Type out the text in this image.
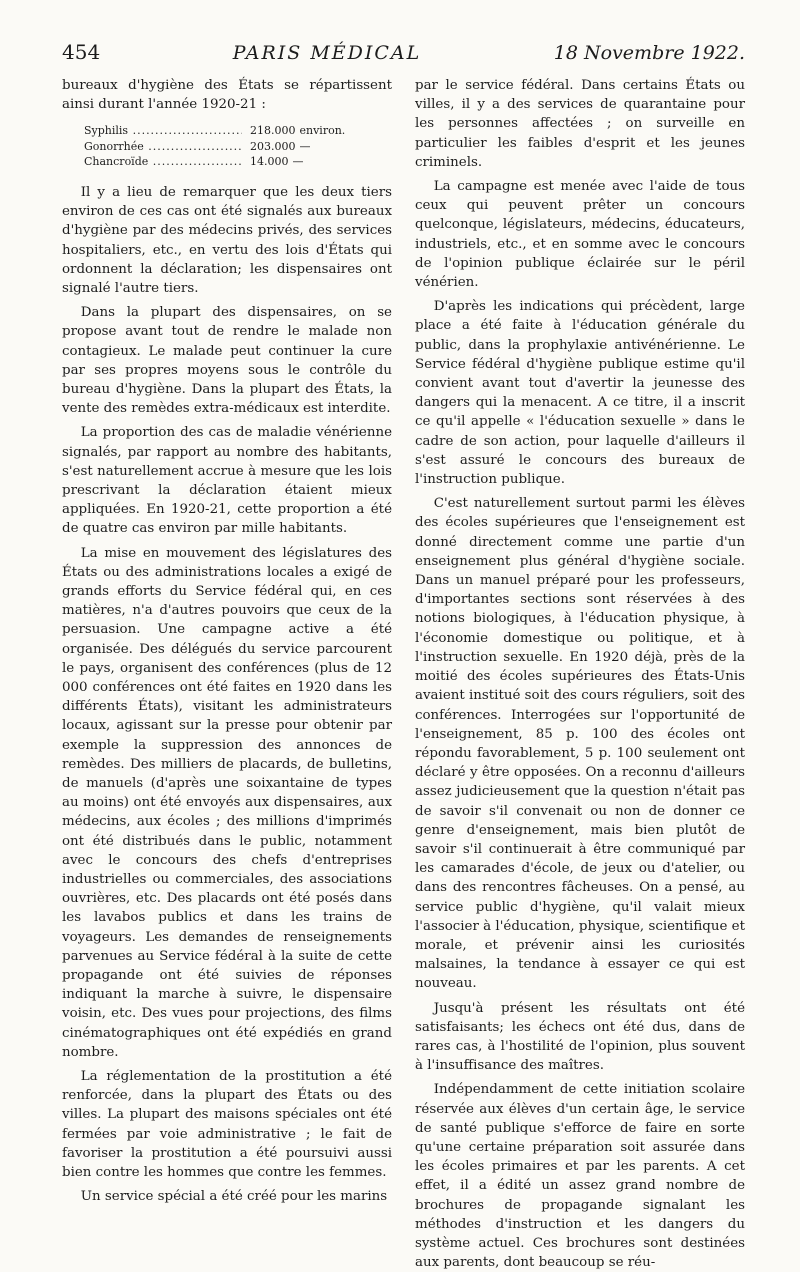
454	PARIS MÉDICAL	18 Novembre 1922.

bureaux d'hygiène des États se répartissent ainsi durant l'année 1920-21 :

Syphilis .....	218.000 environ.
Gonorrhée .....	203.000 —
Chancroïde .....	14.000 —

Il y a lieu de remarquer que les deux tiers environ de ces cas ont été signalés aux bureaux d'hygiène par des médecins privés, des services hospitaliers, etc., en vertu des lois d'États qui ordonnent la déclaration; les dispensaires ont signalé l'autre tiers.

Dans la plupart des dispensaires, on se propose avant tout de rendre le malade non contagieux. Le malade peut continuer la cure par ses propres moyens sous le contrôle du bureau d'hygiène. Dans la plupart des États, la vente des remèdes extra-médicaux est interdite.

La proportion des cas de maladie vénérienne signalés, par rapport au nombre des habitants, s'est naturellement accrue à mesure que les lois prescrivant la déclaration étaient mieux appliquées. En 1920-21, cette proportion a été de quatre cas environ par mille habitants.

La mise en mouvement des législatures des États ou des administrations locales a exigé de grands efforts du Service fédéral qui, en ces matières, n'a d'autres pouvoirs que ceux de la persuasion. Une campagne active a été organisée. Des délégués du service parcourent le pays, organisent des conférences (plus de 12 000 conférences ont été faites en 1920 dans les différents États), visitant les administrateurs locaux, agissant sur la presse pour obtenir par exemple la suppression des annonces de remèdes. Des milliers de placards, de bulletins, de manuels (d'après une soixantaine de types au moins) ont été envoyés aux dispensaires, aux médecins, aux écoles ; des millions d'imprimés ont été distribués dans le public, notamment avec le concours des chefs d'entreprises industrielles ou commerciales, des associations ouvrières, etc. Des placards ont été posés dans les lavabos publics et dans les trains de voyageurs. Les demandes de renseignements parvenues au Service fédéral à la suite de cette propagande ont été suivies de réponses indiquant la marche à suivre, le dispensaire voisin, etc. Des vues pour projections, des films cinématographiques ont été expédiés en grand nombre.

La réglementation de la prostitution a été renforcée, dans la plupart des États ou des villes. La plupart des maisons spéciales ont été fermées par voie administrative ; le fait de favoriser la prostitution a été poursuivi aussi bien contre les hommes que contre les femmes.

Un service spécial a été créé pour les marins

par le service fédéral. Dans certains États ou villes, il y a des services de quarantaine pour les personnes affectées ; on surveille en particulier les faibles d'esprit et les jeunes criminels.

La campagne est menée avec l'aide de tous ceux qui peuvent prêter un concours quelconque, législateurs, médecins, éducateurs, industriels, etc., et en somme avec le concours de l'opinion publique éclairée sur le péril vénérien.

D'après les indications qui précèdent, large place a été faite à l'éducation générale du public, dans la prophylaxie antivénérienne. Le Service fédéral d'hygiène publique estime qu'il convient avant tout d'avertir la jeunesse des dangers qui la menacent. A ce titre, il a inscrit ce qu'il appelle « l'éducation sexuelle » dans le cadre de son action, pour laquelle d'ailleurs il s'est assuré le concours des bureaux de l'instruction publique.

C'est naturellement surtout parmi les élèves des écoles supérieures que l'enseignement est donné directement comme une partie d'un enseignement plus général d'hygiène sociale. Dans un manuel préparé pour les professeurs, d'importantes sections sont réservées à des notions biologiques, à l'éducation physique, à l'économie domestique ou politique, et à l'instruction sexuelle. En 1920 déjà, près de la moitié des écoles supérieures des États-Unis avaient institué soit des cours réguliers, soit des conférences. Interrogées sur l'opportunité de l'enseignement, 85 p. 100 des écoles ont répondu favorablement, 5 p. 100 seulement ont déclaré y être opposées. On a reconnu d'ailleurs assez judicieusement que la question n'était pas de savoir s'il convenait ou non de donner ce genre d'enseignement, mais bien plutôt de savoir s'il continuerait à être communiqué par les camarades d'école, de jeux ou d'atelier, ou dans des rencontres fâcheuses. On a pensé, au service public d'hygiène, qu'il valait mieux l'associer à l'éducation, physique, scientifique et morale, et prévenir ainsi les curiosités malsaines, la tendance à essayer ce qui est nouveau.

Jusqu'à présent les résultats ont été satisfaisants; les échecs ont été dus, dans de rares cas, à l'hostilité de l'opinion, plus souvent à l'insuffisance des maîtres.

Indépendamment de cette initiation scolaire réservée aux élèves d'un certain âge, le service de santé publique s'efforce de faire en sorte qu'une certaine préparation soit assurée dans les écoles primaires et par les parents. A cet effet, il a édité un assez grand nombre de brochures de propagande signalant les méthodes d'instruction et les dangers du système actuel. Ces brochures sont destinées aux parents, dont beaucoup se réu-
